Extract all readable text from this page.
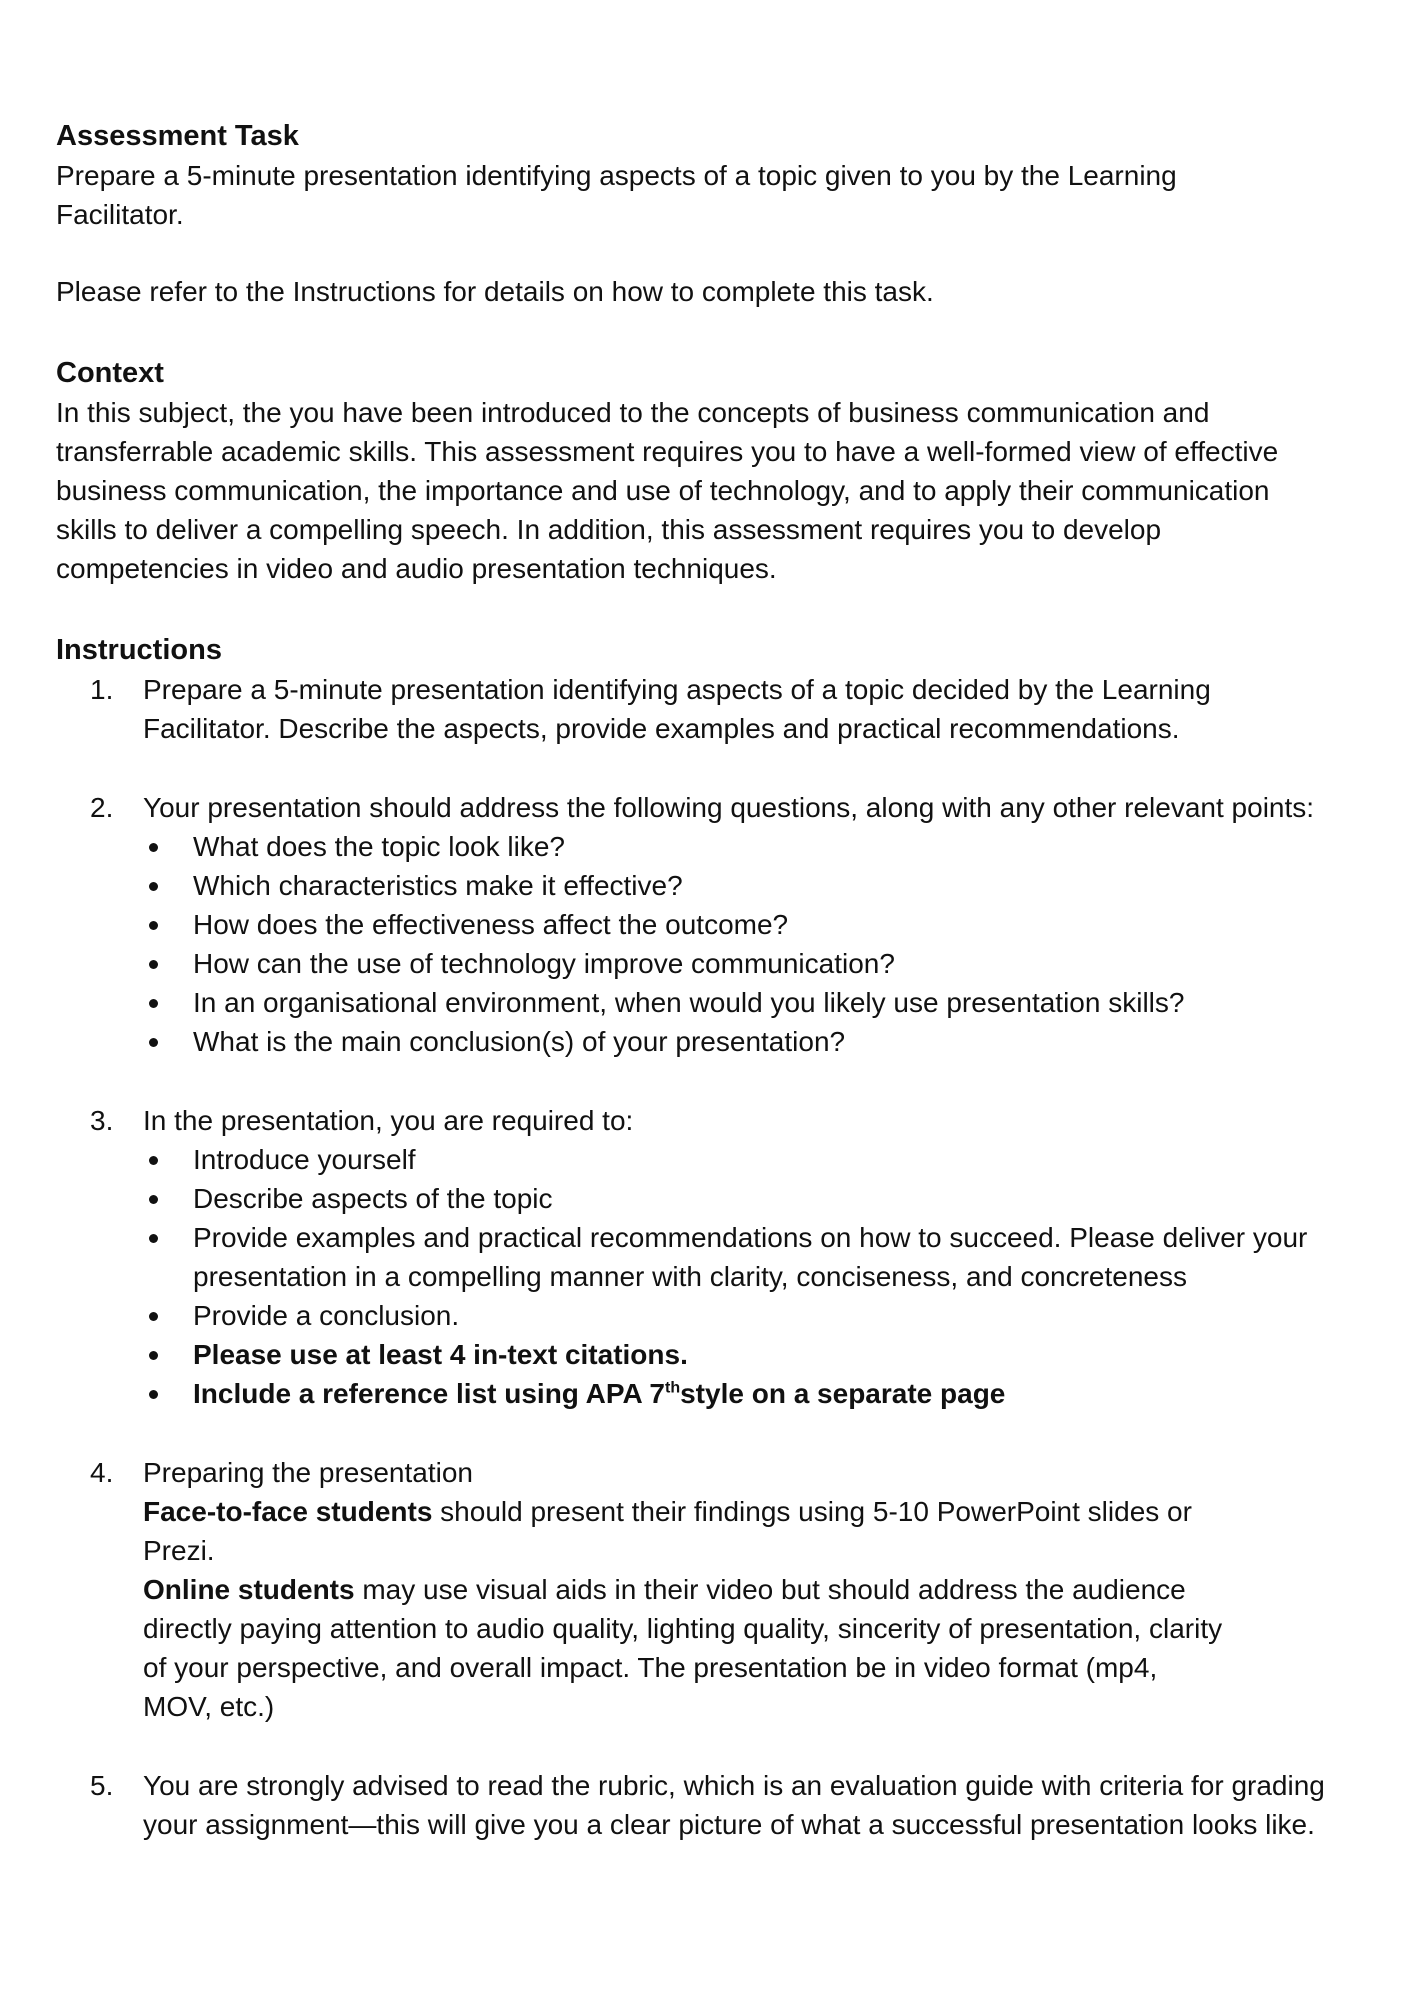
Assessment Task

Prepare a 5-minute presentation identifying aspects of a topic given to you by the Learning

Facilitator.

Please refer to the Instructions for details on how to complete this task.

Context

In this subject, the you have been introduced to the concepts of business communication and transferrable academic skills. This assessment requires you to have a well-formed view of effective business communication, the importance and use of technology, and to apply their communication skills to deliver a compelling speech. In addition, this assessment requires you to develop competencies in video and audio presentation techniques.

Instructions
1. Prepare a 5-minute presentation identifying aspects of a topic decided by the Learning Facilitator. Describe the aspects, provide examples and practical recommendations.

2. Your presentation should address the following questions, along with any other relevant points:

What does the topic look like?
Which characteristics make it effective?
How does the effectiveness affect the outcome?
How can the use of technology improve communication?
In an organisational environment, when would you likely use presentation skills?
What is the main conclusion(s) of your presentation?
3. In the presentation, you are required to:

Introduce yourself
Describe aspects of the topic
Provide examples and practical recommendations on how to succeed. Please deliver your presentation in a compelling manner with clarity, conciseness, and concreteness
Provide a conclusion.
Please use at least 4 in-text citations.
Include a reference list using APA 7thstyle on a separate page
4. Preparing the presentation

Face-to-face students should present their findings using 5-10 PowerPoint slides or Prezi.

Online students may use visual aids in their video but should address the audience directly paying attention to audio quality, lighting quality, sincerity of presentation, clarity of your perspective, and overall impact. The presentation be in video format (mp4, MOV, etc.)

5. You are strongly advised to read the rubric, which is an evaluation guide with criteria for grading your assignment—this will give you a clear picture of what a successful presentation looks like.
